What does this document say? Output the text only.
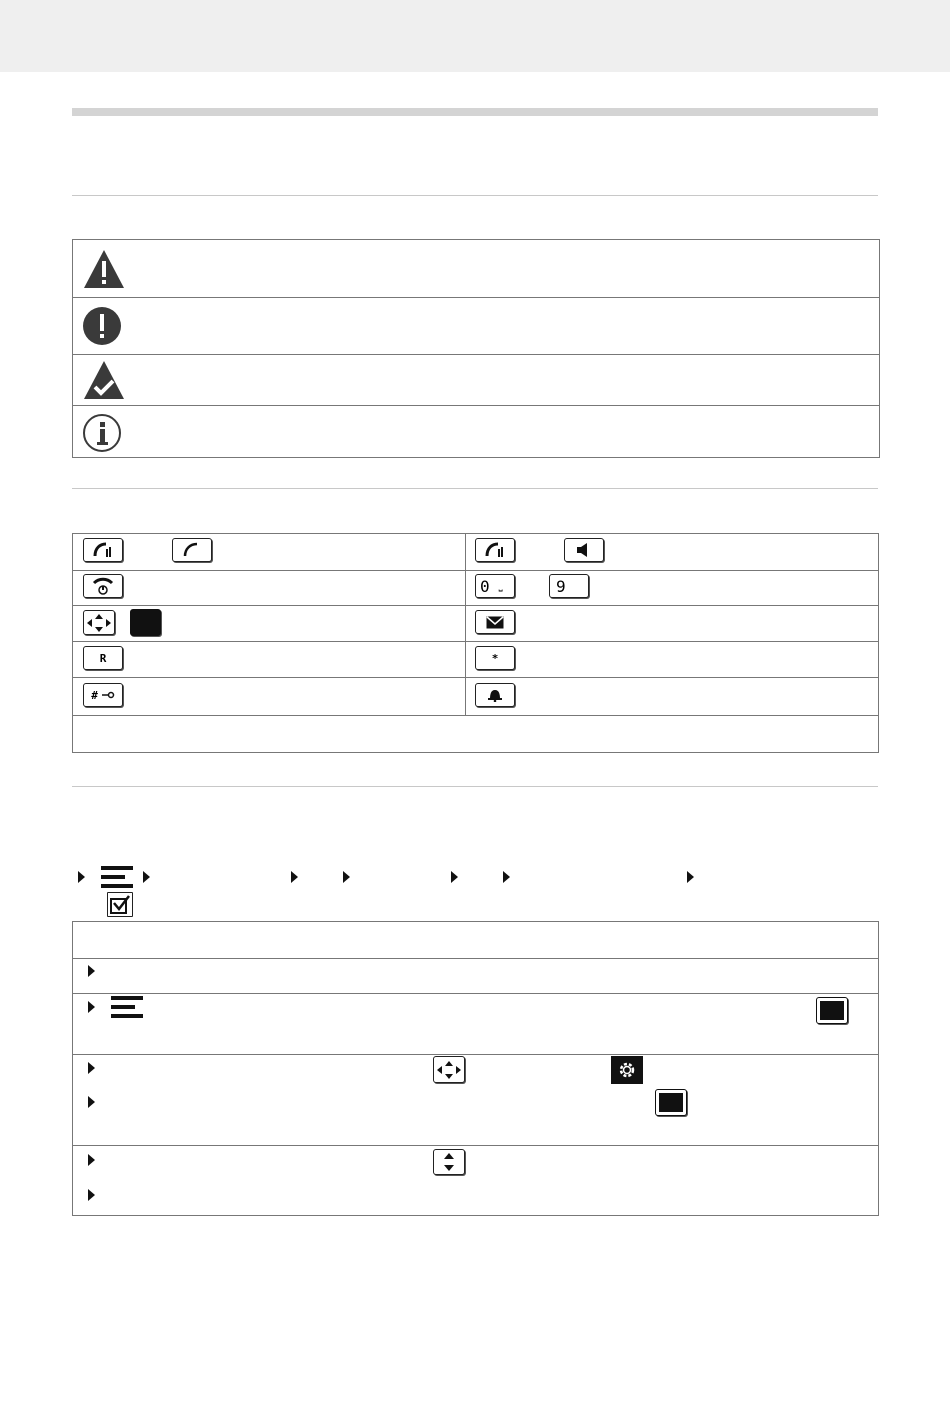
R
#
0 ⎵	9
*
